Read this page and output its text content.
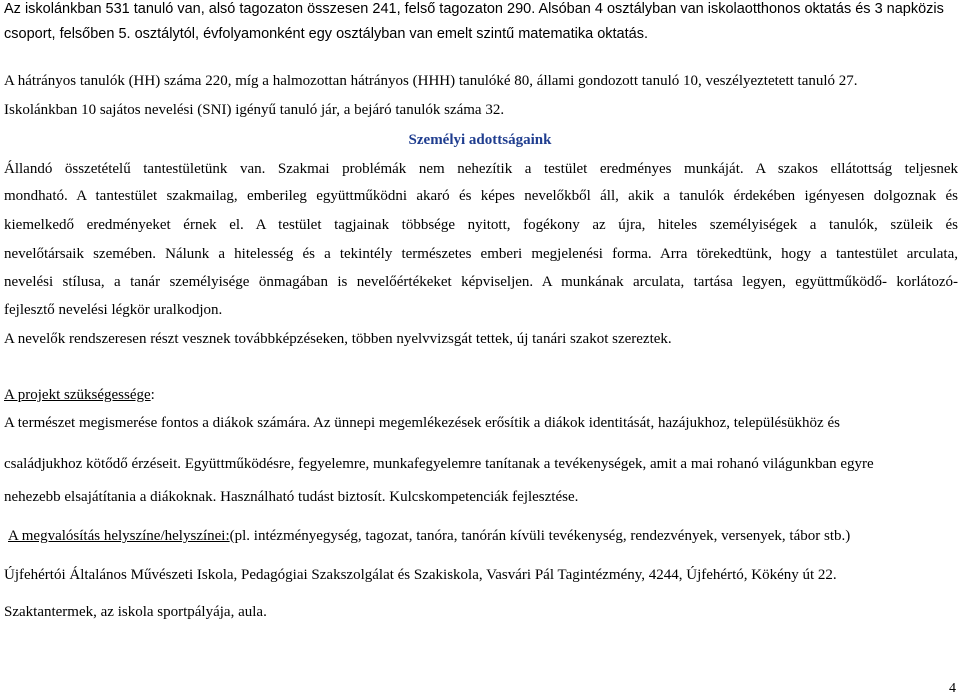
Az iskolánkban 531 tanuló van, alsó tagozaton összesen 241, felső tagozaton 290. Alsóban 4 osztályban van iskolaotthonos oktatás és 3 napközis
csoport, felsőben 5. osztálytól, évfolyamonként egy osztályban van emelt szintű matematika oktatás.
A hátrányos tanulók (HH) száma 220, míg a halmozottan hátrányos (HHH) tanulóké 80, állami gondozott tanuló 10, veszélyeztetett tanuló 27.
Iskolánkban 10 sajátos nevelési (SNI) igényű tanuló jár, a bejáró tanulók száma 32.
Személyi adottságaink
Állandó összetételű tantestületünk van. Szakmai problémák nem nehezítik a testület eredményes munkáját. A szakos ellátottság teljesnek
mondható. A tantestület szakmailag, emberileg együttműködni akaró és képes nevelőkből áll, akik a tanulók érdekében igényesen dolgoznak és
kiemelkedő eredményeket érnek el. A testület tagjainak többsége nyitott, fogékony az újra, hiteles személyiségek a tanulók, szüleik és
nevelőtársaik szemében. Nálunk a hitelesség és a tekintély természetes emberi megjelenési forma. Arra törekedtünk, hogy a tantestület arculata,
nevelési stílusa, a tanár személyisége önmagában is nevelőértékeket képviseljen. A munkának arculata, tartása legyen, együttműködő- korlátozó-
fejlesztő nevelési légkör uralkodjon.
A nevelők rendszeresen részt vesznek továbbképzéseken, többen nyelvvizsgát tettek, új tanári szakot szereztek.
A projekt szükségessége:
A természet megismerése fontos a diákok számára. Az ünnepi megemlékezések erősítik a diákok identitását, hazájukhoz, településükhöz és
családjukhoz kötődő érzéseit. Együttműködésre, fegyelemre, munkafegyelemre tanítanak a tevékenységek, amit a mai rohanó világunkban egyre
nehezebb elsajátítania a diákoknak. Használható tudást biztosít. Kulcskompetenciák fejlesztése.
A megvalósítás helyszíne/helyszínei:(pl. intézményegység, tagozat, tanóra, tanórán kívüli tevékenység, rendezvények, versenyek, tábor stb.)
Újfehértói Általános Művészeti Iskola, Pedagógiai Szakszolgálat és Szakiskola, Vasvári Pál Tagintézmény, 4244, Újfehértó, Kökény út 22.
Szaktantermek, az iskola sportpályája, aula.
4
